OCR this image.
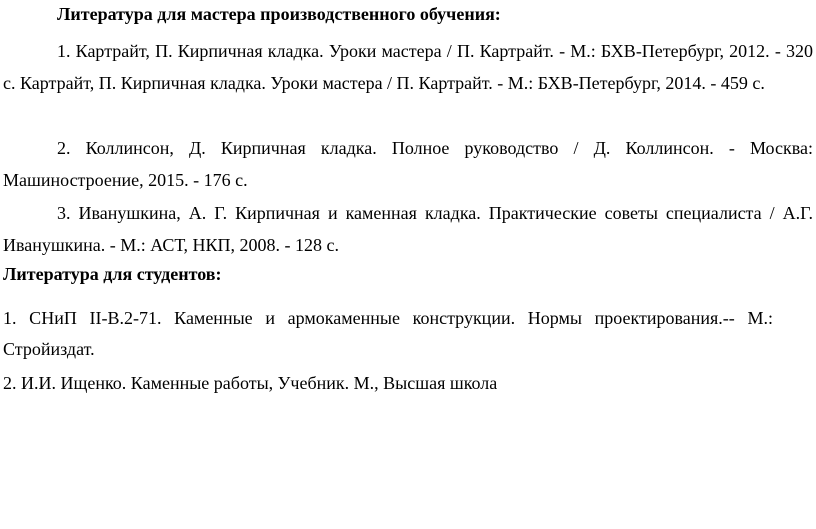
Литература для мастера производственного обучения:

1. Картрайт, П. Кирпичная кладка. Уроки мастера / П. Картрайт. - М.: БХВ-Петербург, 2012. - 320 с. Картрайт, П. Кирпичная кладка. Уроки мастера / П. Картрайт. - М.: БХВ-Петербург, 2014. - 459 с.

2. Коллинсон, Д. Кирпичная кладка. Полное руководство / Д. Коллинсон. - Москва: Машиностроение, 2015. - 176 с.

3. Иванушкина, А. Г. Кирпичная и каменная кладка. Практические советы специалиста / А.Г. Иванушкина. - М.: АСТ, НКП, 2008. - 128 с.

Литература для студентов:

1. СНиП II-В.2-71. Каменные и армокаменные конструкции. Нормы проектирования.-- М.: Стройиздат.

2. И.И. Ищенко. Каменные работы, Учебник. М., Высшая школа
